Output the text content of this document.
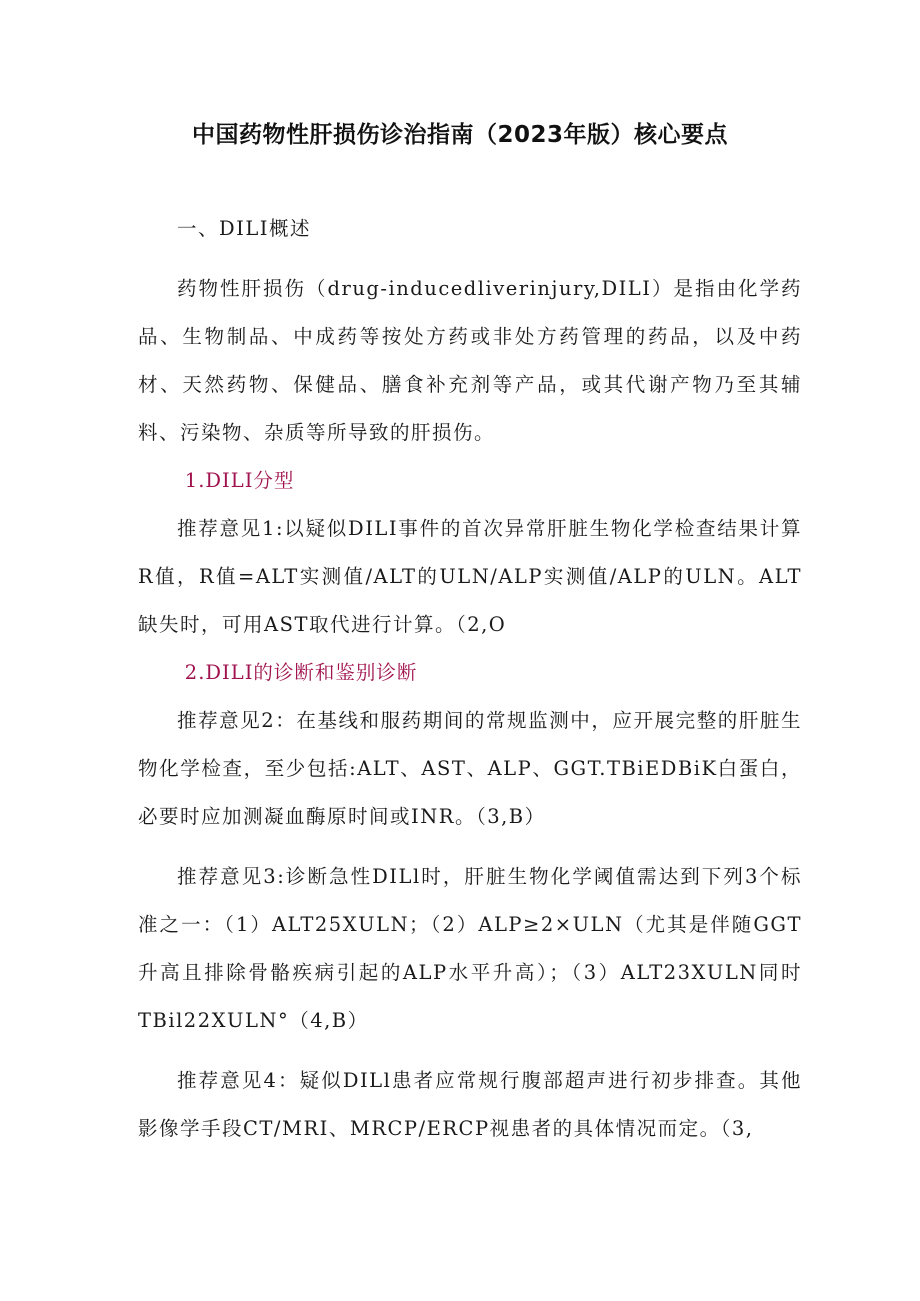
中国药物性肝损伤诊治指南（2023年版）核心要点

一、DILI概述

药物性肝损伤（drug-inducedliverinjury,DILI）是指由化学药品、生物制品、中成药等按处方药或非处方药管理的药品，以及中药材、天然药物、保健品、膳食补充剂等产品，或其代谢产物乃至其辅料、污染物、杂质等所导致的肝损伤。

1.DILI分型

推荐意见1:以疑似DILI事件的首次异常肝脏生物化学检查结果计算R值，R值=ALT实测值/ALT的ULN/ALP实测值/ALP的ULN。ALT缺失时，可用AST取代进行计算。（2,O

2.DILI的诊断和鉴别诊断

推荐意见2：在基线和服药期间的常规监测中，应开展完整的肝脏生物化学检查，至少包括:ALT、AST、ALP、GGT.TBiEDBiK白蛋白，必要时应加测凝血酶原时间或INR。（3,B）

推荐意见3:诊断急性DILl时，肝脏生物化学阈值需达到下列3个标准之一：（1）ALT25XULN；（2）ALP≥2×ULN（尤其是伴随GGT升高且排除骨骼疾病引起的ALP水平升高）；（3）ALT23XULN同时TBil22XULN°（4,B）

推荐意见4：疑似DILl患者应常规行腹部超声进行初步排查。其他影像学手段CT/MRI、MRCP/ERCP视患者的具体情况而定。（3,
